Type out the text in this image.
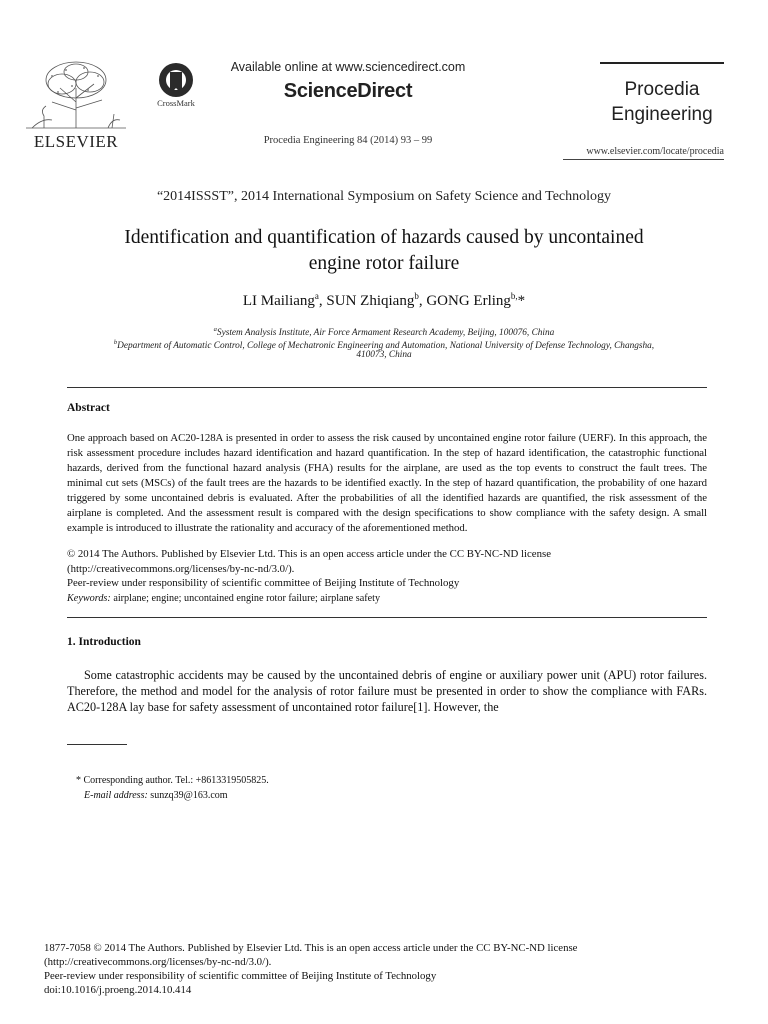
ELSEVIER
CrossMark
Available online at www.sciencedirect.com
ScienceDirect
Procedia Engineering 84 (2014) 93 – 99
Procedia
Engineering
www.elsevier.com/locate/procedia
“2014ISSST”, 2014 International Symposium on Safety Science and Technology
Identification and quantification of hazards caused by uncontained
engine rotor failure
LI Mailiang$^a$, SUN Zhiqiang$^b$, GONG Erling$^{b,}$*
$^a$System Analysis Institute, Air Force Armament Research Academy, Beijing, 100076, China
$^b$Department of Automatic Control, College of Mechatronic Engineering and Automation, National University of Defense Technology, Changsha,
410073, China
Abstract
One approach based on AC20-128A is presented in order to assess the risk caused by uncontained engine rotor failure (UERF). In this approach, the risk assessment procedure includes hazard identification and hazard quantification. In the step of hazard identification, the catastrophic functional hazards, derived from the functional hazard analysis (FHA) results for the airplane, are used as the top events to construct the fault trees. The minimal cut sets (MSCs) of the fault trees are the hazards to be identified exactly. In the step of hazard quantification, the probability of one hazard triggered by some uncontained debris is evaluated. After the probabilities of all the identified hazards are quantified, the risk assessment of the airplane is completed. And the assessment result is compared with the design specifications to show compliance with the safety design. A small example is introduced to illustrate the rationality and accuracy of the aforementioned method.
© 2014 The Authors. Published by Elsevier Ltd. This is an open access article under the CC BY-NC-ND license
(http://creativecommons.org/licenses/by-nc-nd/3.0/).
Peer-review under responsibility of scientific committee of Beijing Institute of Technology
Keywords: airplane; engine; uncontained engine rotor failure; airplane safety
1. Introduction
Some catastrophic accidents may be caused by the uncontained debris of engine or auxiliary power unit (APU) rotor failures. Therefore, the method and model for the analysis of rotor failure must be presented in order to show the compliance with FARs. AC20-128A lay base for safety assessment of uncontained rotor failure[1]. However, the
* Corresponding author. Tel.: +8613319505825.
E-mail address: sunzq39@163.com
1877-7058 © 2014 The Authors. Published by Elsevier Ltd. This is an open access article under the CC BY-NC-ND license
(http://creativecommons.org/licenses/by-nc-nd/3.0/).
Peer-review under responsibility of scientific committee of Beijing Institute of Technology
doi:10.1016/j.proeng.2014.10.414
